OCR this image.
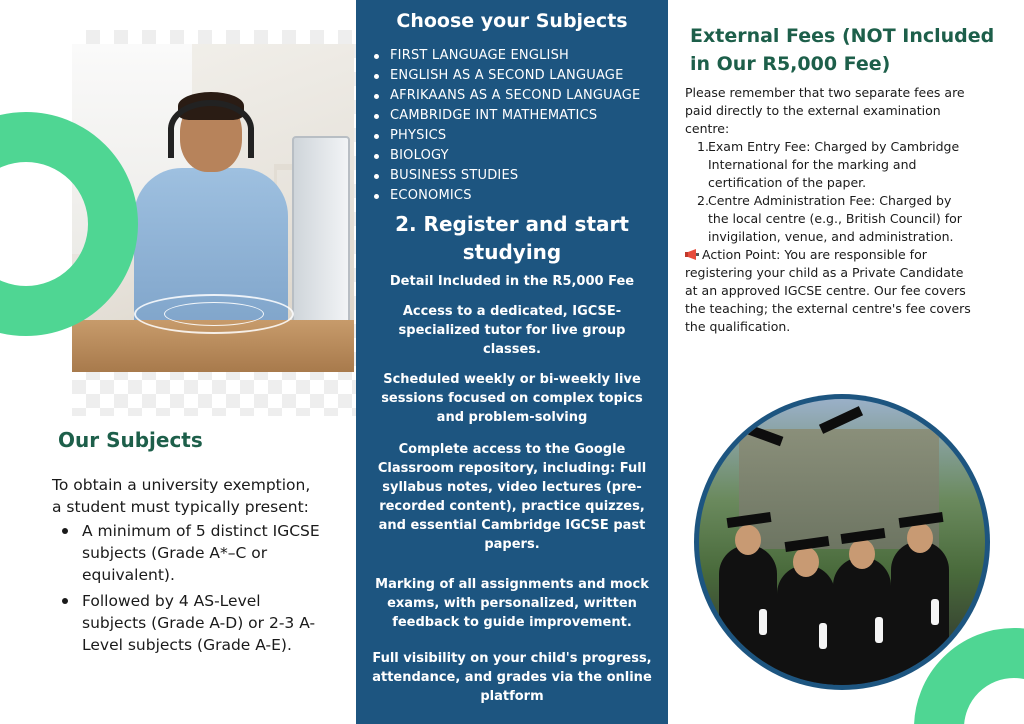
Our Subjects

To obtain a university exemption, a student must typically present:

A minimum of 5 distinct IGCSE subjects (Grade A*–C or equivalent).
Followed by 4 AS-Level subjects (Grade A-D) or 2-3 A-Level subjects (Grade A-E).
Choose your Subjects
FIRST LANGUAGE ENGLISH
ENGLISH AS A SECOND LANGUAGE
AFRIKAANS AS A SECOND LANGUAGE
CAMBRIDGE INT MATHEMATICS
PHYSICS
BIOLOGY
BUSINESS STUDIES
ECONOMICS
2. Register and start studying
Detail Included in the R5,000 Fee

Access to a dedicated, IGCSE-specialized tutor for live group classes.

Scheduled weekly or bi-weekly live sessions focused on complex topics and problem-solving

Complete access to the Google Classroom repository, including: Full syllabus notes, video lectures (pre-recorded content), practice quizzes, and essential Cambridge IGCSE past papers.

Marking of all assignments and mock exams, with personalized, written feedback to guide improvement.

Full visibility on your child's progress, attendance, and grades via the online platform

External Fees (NOT Included in Our R5,000 Fee)

Please remember that two separate fees are paid directly to the external examination centre:

1. Exam Entry Fee: Charged by Cambridge International for the marking and certification of the paper.
2. Centre Administration Fee: Charged by the local centre (e.g., British Council) for invigilation, venue, and administration.

Action Point: You are responsible for registering your child as a Private Candidate at an approved IGCSE centre. Our fee covers the teaching; the external centre's fee covers the qualification.
